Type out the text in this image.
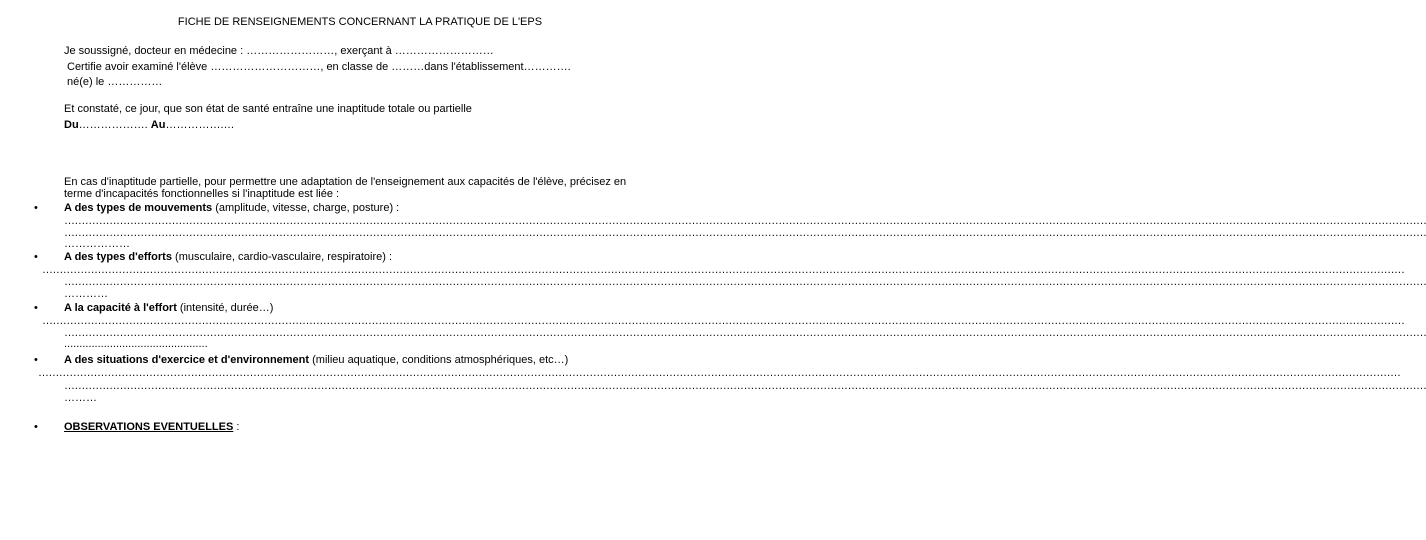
FICHE DE RENSEIGNEMENTS CONCERNANT LA PRATIQUE DE L'EPS
Je soussigné, docteur en médecine : ……………………, exerçant à ………………………
Certifie avoir examiné l'élève …………………………, en classe de ………dans l'établissement………….
né(e) le ……………
Et constaté, ce jour, que son état de santé entraîne une inaptitude totale ou partielle
Du………………. Au…………….…
En cas d'inaptitude partielle, pour permettre une adaptation de l'enseignement aux capacités de l'élève, précisez en
terme d'incapacités fonctionnelles si l'inaptitude est liée :
• A des types de mouvements (amplitude, vitesse, charge, posture) :
……………………………………………………………………………………………………………………………………………………………………………………………………………………………………………………………………………………………………………………………………………………………
……………………………………………………………………………………………………………………………………………………………………………………………………………………………………………………………………………………………………………………………………………………………
………………
• A des types d'efforts (musculaire, cardio-vasculaire, respiratoire) :
……………………………………………………………………………………………………………………………………………………………………………………………………………………………………………………………………………………………………………………………………………………………
……………………………………………………………………………………………………………………………………………………………………………………………………………………………………………………………………………………………………………………………………………………………
…………
• A la capacité à l'effort (intensité, durée…)
……………………………………………………………………………………………………………………………………………………………………………………………………………………………………………………………………………………………………………………………………………………………
……………………………………………………………………………………………………………………………………………………………………………………………………………………………………………………………………………………………………………………………………………………………
...............................................
• A des situations d'exercice et d'environnement (milieu aquatique, conditions atmosphériques, etc…)
……………………………………………………………………………………………………………………………………………………………………………………………………………………………………………………………………………………………………………………………………………………………
……………………………………………………………………………………………………………………………………………………………………………………………………………………………………………………………………………………………………………………………………………………………
………
• OBSERVATIONS EVENTUELLES :
